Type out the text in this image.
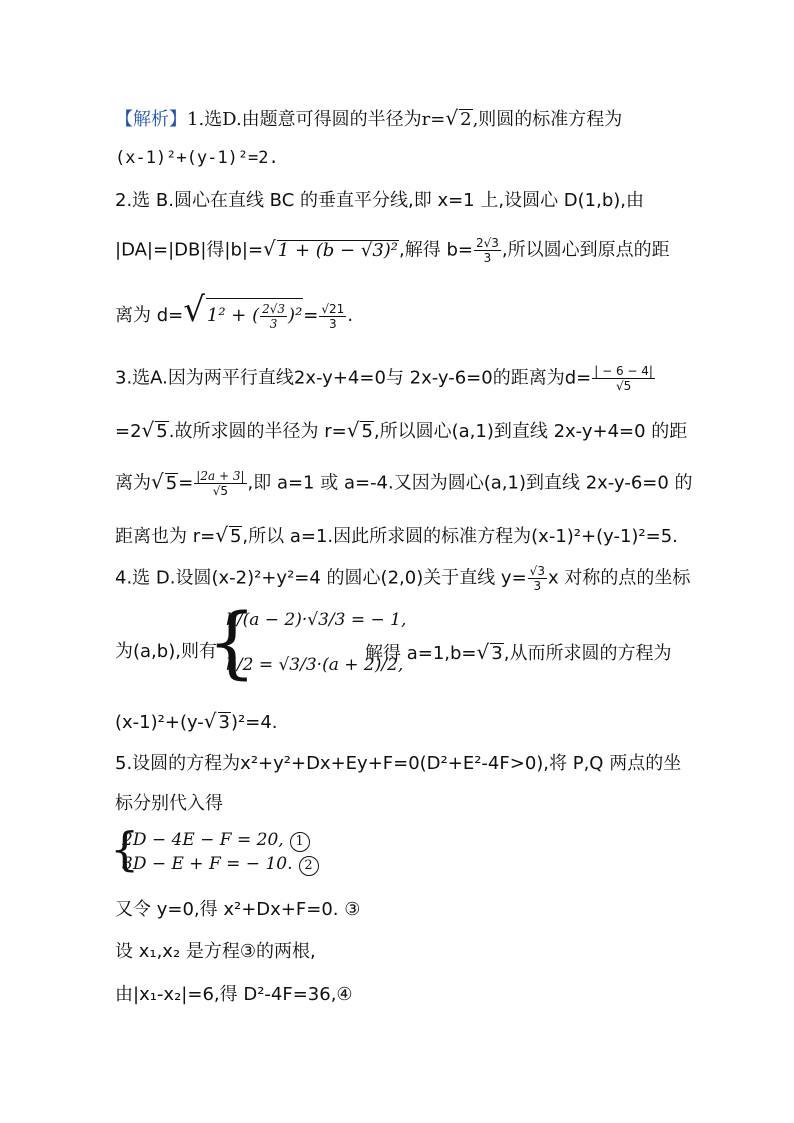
【解析】1.选D.由题意可得圆的半径为r=√ 2,则圆的标准方程为
(x-1)²+(y-1)²=2.
2.选 B.圆心在直线 BC 的垂直平分线,即 x=1 上,设圆心 D(1,b),由
|DA|=|DB|得|b|=√ 1 + (b − √3)²,解得 $b= \frac{2√3}{3}$ ,所以圆心到原点的距
离为 d=√ 1² + ( $\frac{2√3}{3} )^2= \frac{√21}{3}$ .
3.选A.因为两平行直线2x-y+4=0与 2x-y-6=0的距离为$d= \frac{| - 6 - 4|}{√5}$
=2√ 5.故所求圆的半径为 r=√ 5,所以圆心(a,1)到直线 2x-y+4=0 的距
离为√ $5= \frac{|2a + 3|}{√5}$ ,即 a=1 或 a=-4.又因为圆心(a,1)到直线 2x-y-6=0 的
距离也为 r=√ 5,所以 a=1.因此所求圆的标准方程为(x-1)²+(y-1)²=5.
4.选 D.设圆(x-2)²+y²=4 的圆心(2,0)关于直线 $y= \frac{√3}{3}$ x 对称的点的坐标
为(a,b),则有
{
b/(a − 2)·√3/3 = − 1,
b/2 = √3/3·(a + 2)/2,
解得 a=1,b=√ 3,从而所求圆的方程为
(x-1)²+(y-√ 3)²=4.
5.设圆的方程为x²+y²+Dx+Ey+F=0(D²+E²-4F>0),将 P,Q 两点的坐
标分别代入得
{
2D − 4E − F = 20, 1
3D − E + F = − 10. 2
又令 y=0,得 x²+Dx+F=0. ③
设 x₁,x₂ 是方程③的两根,
由|x₁-x₂|=6,得 D²-4F=36,④
